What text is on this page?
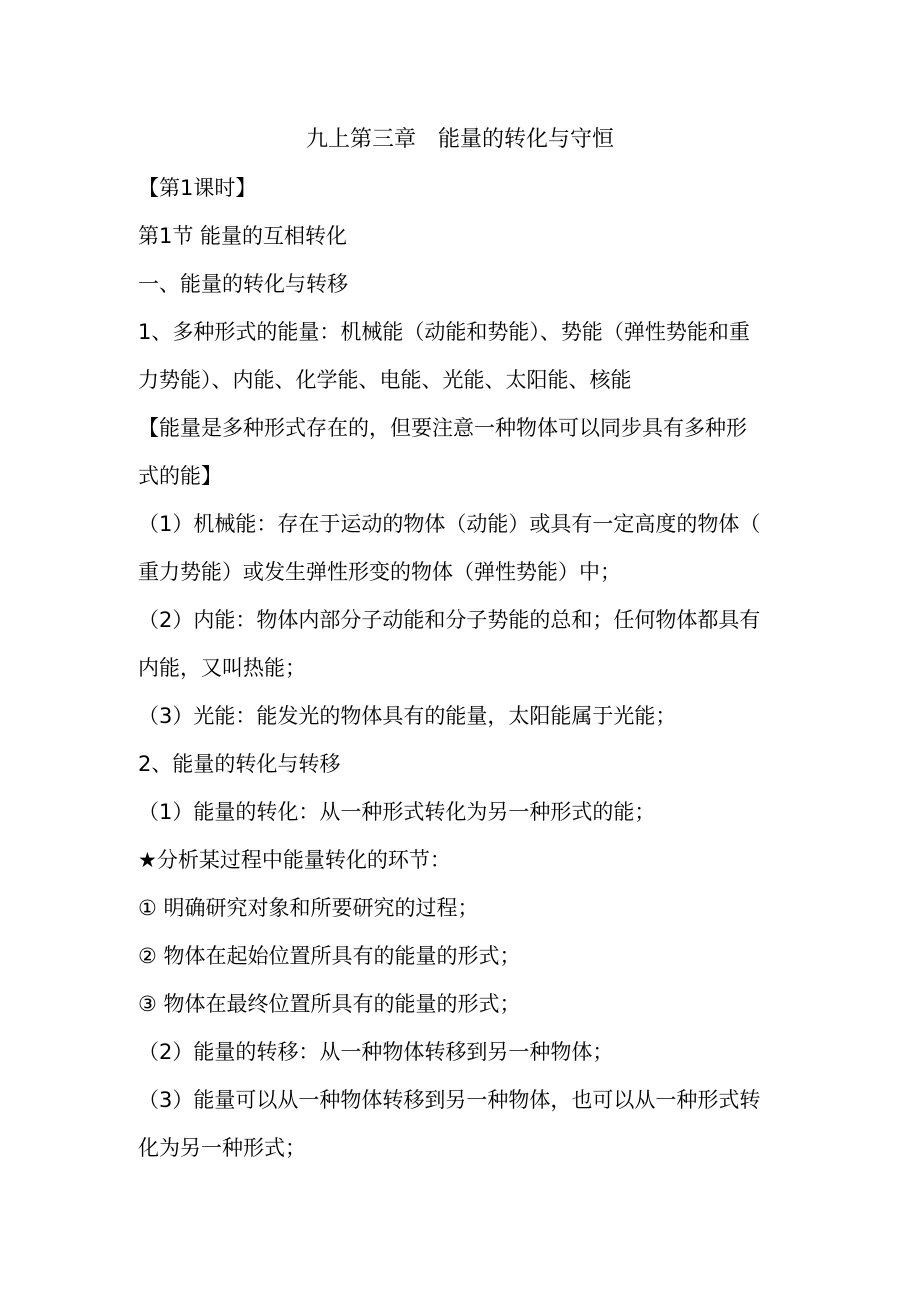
九上第三章　能量的转化与守恒
【第1课时】
第1节 能量的互相转化
一、能量的转化与转移
1、多种形式的能量：机械能（动能和势能）、势能（弹性势能和重
力势能）、内能、化学能、电能、光能、太阳能、核能
【能量是多种形式存在的，但要注意一种物体可以同步具有多种形
式的能】
（1）机械能：存在于运动的物体（动能）或具有一定高度的物体（
重力势能）或发生弹性形变的物体（弹性势能）中；
（2）内能：物体内部分子动能和分子势能的总和；任何物体都具有
内能，又叫热能；
（3）光能：能发光的物体具有的能量，太阳能属于光能；
2、能量的转化与转移
（1）能量的转化：从一种形式转化为另一种形式的能；
★分析某过程中能量转化的环节：
① 明确研究对象和所要研究的过程；
② 物体在起始位置所具有的能量的形式；
③ 物体在最终位置所具有的能量的形式；
（2）能量的转移：从一种物体转移到另一种物体；
（3）能量可以从一种物体转移到另一种物体，也可以从一种形式转
化为另一种形式；
